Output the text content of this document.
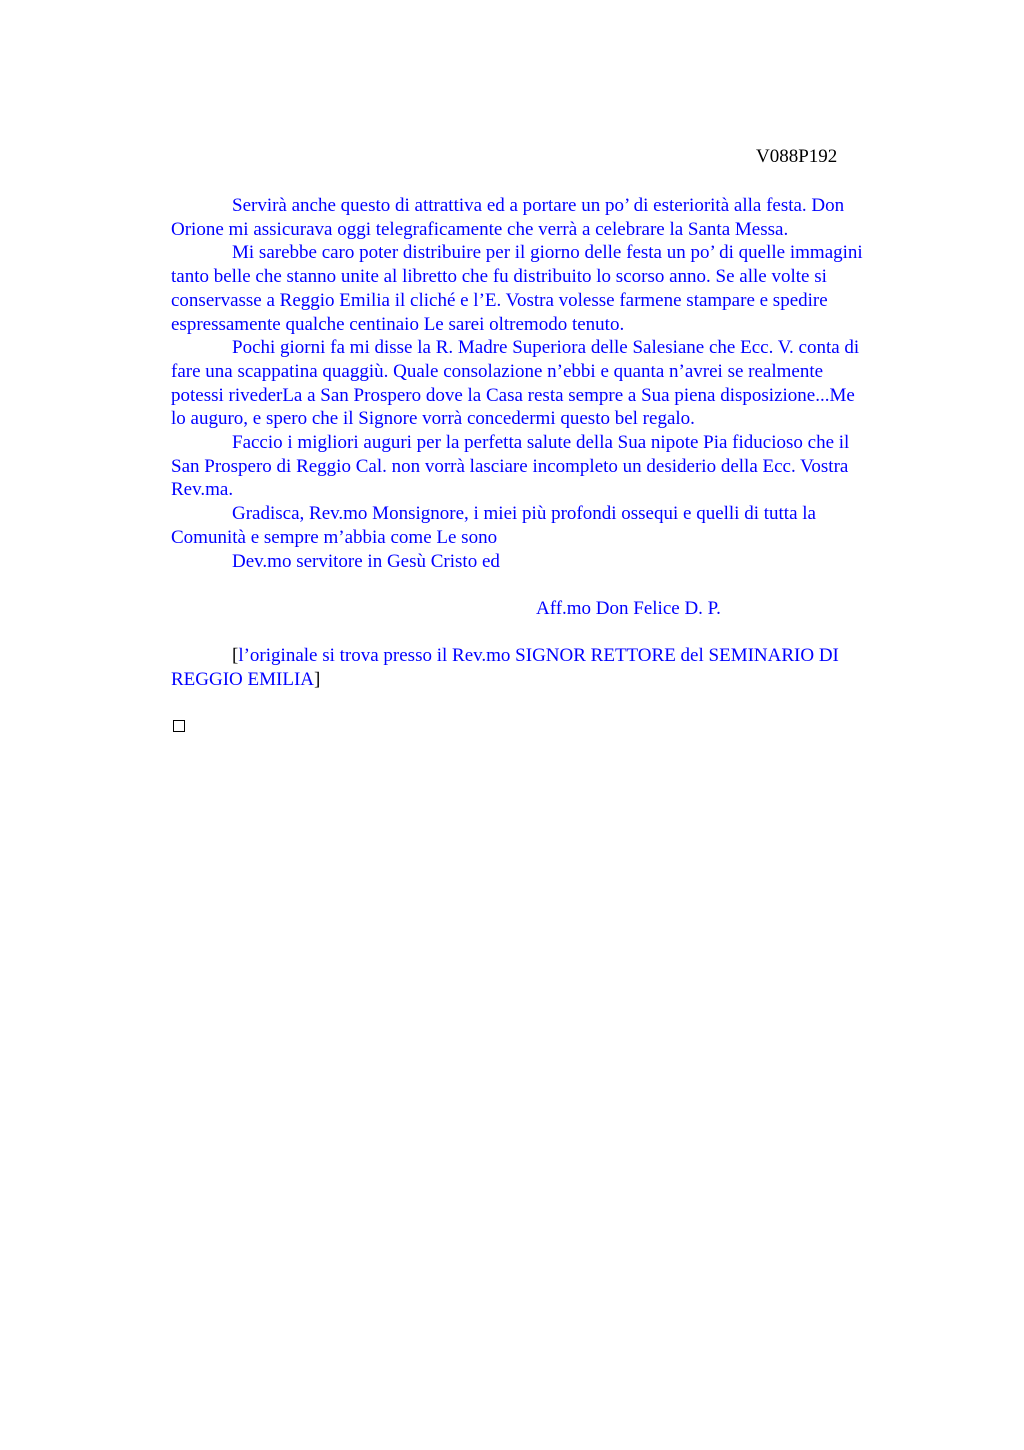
V088P192

Servirà anche questo di attrattiva ed a portare un po’ di esteriorità alla festa. Don

Orione mi assicurava oggi telegraficamente che verrà a celebrare la Santa Messa.

Mi sarebbe caro poter distribuire per il giorno delle festa un po’ di quelle immagini

tanto belle che stanno unite al libretto che fu distribuito lo scorso anno. Se alle volte si

conservasse a Reggio Emilia il cliché e l’E. Vostra volesse farmene stampare e spedire

espressamente qualche centinaio Le sarei oltremodo tenuto.

Pochi giorni fa mi disse la R. Madre Superiora delle Salesiane che Ecc. V. conta di

fare una scappatina quaggiù. Quale consolazione n’ebbi e quanta n’avrei se realmente

potessi rivederLa a San Prospero dove la Casa resta sempre a Sua piena disposizione...Me

lo auguro, e spero che il Signore vorrà concedermi questo bel regalo.

Faccio i migliori auguri per la perfetta salute della Sua nipote Pia fiducioso che il

San Prospero di Reggio Cal. non vorrà lasciare incompleto un desiderio della Ecc. Vostra

Rev.ma.

Gradisca, Rev.mo Monsignore, i miei più profondi ossequi e quelli di tutta la

Comunità e sempre m’abbia come Le sono

Dev.mo servitore in Gesù Cristo ed

Aff.mo Don Felice D. P.

[l’originale si trova presso il Rev.mo SIGNOR RETTORE del SEMINARIO DI

REGGIO EMILIA]
